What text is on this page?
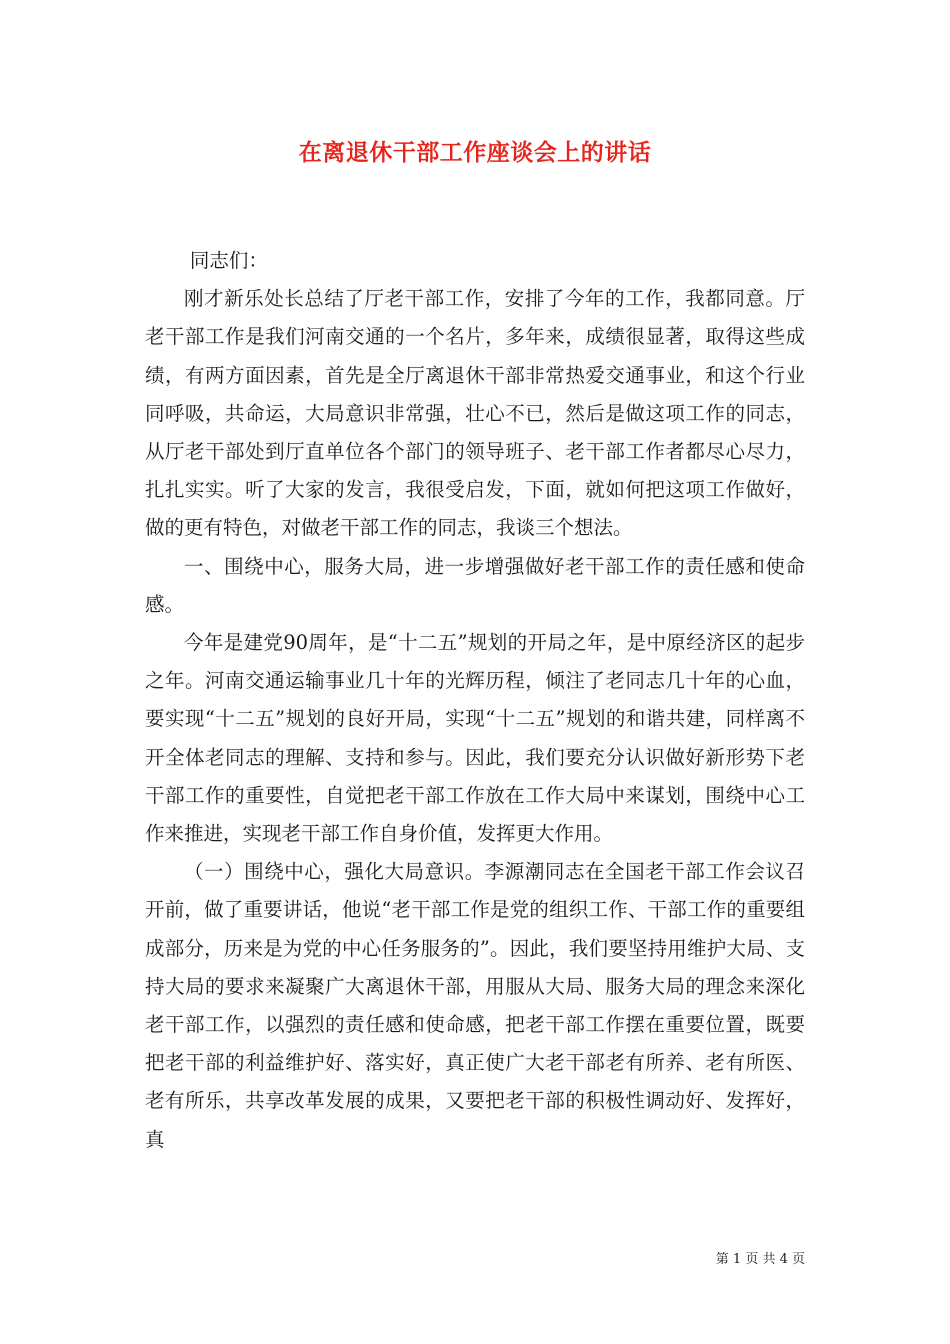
在离退休干部工作座谈会上的讲话

同志们：

刚才新乐处长总结了厅老干部工作，安排了今年的工作，我都同意。厅老干部工作是我们河南交通的一个名片，多年来，成绩很显著，取得这些成绩，有两方面因素，首先是全厅离退休干部非常热爱交通事业，和这个行业同呼吸，共命运，大局意识非常强，壮心不已，然后是做这项工作的同志，从厅老干部处到厅直单位各个部门的领导班子、老干部工作者都尽心尽力，扎扎实实。听了大家的发言，我很受启发，下面，就如何把这项工作做好，做的更有特色，对做老干部工作的同志，我谈三个想法。

一、围绕中心，服务大局，进一步增强做好老干部工作的责任感和使命感。

今年是建党90周年，是“十二五”规划的开局之年，是中原经济区的起步之年。河南交通运输事业几十年的光辉历程，倾注了老同志几十年的心血，要实现“十二五”规划的良好开局，实现“十二五”规划的和谐共建，同样离不开全体老同志的理解、支持和参与。因此，我们要充分认识做好新形势下老干部工作的重要性，自觉把老干部工作放在工作大局中来谋划，围绕中心工作来推进，实现老干部工作自身价值，发挥更大作用。

（一）围绕中心，强化大局意识。李源潮同志在全国老干部工作会议召开前，做了重要讲话，他说“老干部工作是党的组织工作、干部工作的重要组成部分，历来是为党的中心任务服务的”。因此，我们要坚持用维护大局、支持大局的要求来凝聚广大离退休干部，用服从大局、服务大局的理念来深化老干部工作，以强烈的责任感和使命感，把老干部工作摆在重要位置，既要把老干部的利益维护好、落实好，真正使广大老干部老有所养、老有所医、老有所乐，共享改革发展的成果，又要把老干部的积极性调动好、发挥好，真

第 1 页 共 4 页
